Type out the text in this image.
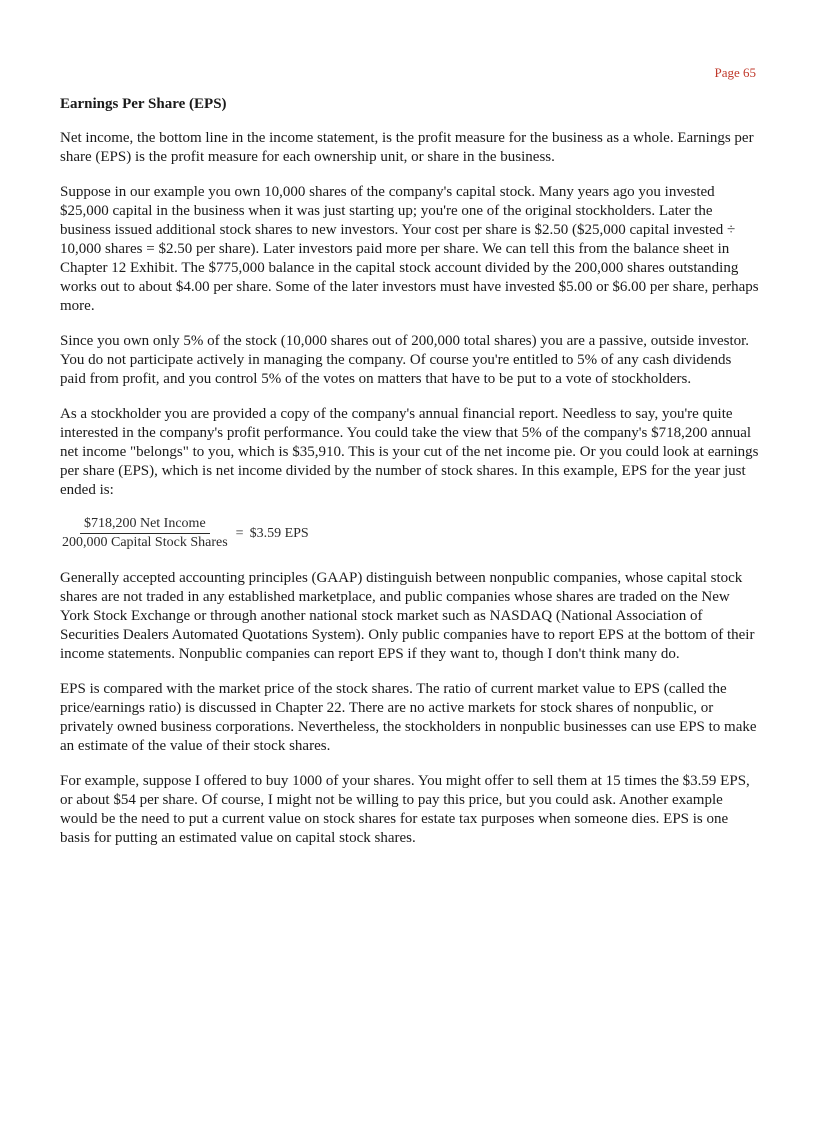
Page 65
Earnings Per Share (EPS)

Net income, the bottom line in the income statement, is the profit measure for the business as a whole. Earnings per share (EPS) is the profit measure for each ownership unit, or share in the business.

Suppose in our example you own 10,000 shares of the company's capital stock. Many years ago you invested $25,000 capital in the business when it was just starting up; you're one of the original stockholders. Later the business issued additional stock shares to new investors. Your cost per share is $2.50 ($25,000 capital invested ÷ 10,000 shares = $2.50 per share). Later investors paid more per share. We can tell this from the balance sheet in Chapter 12 Exhibit. The $775,000 balance in the capital stock account divided by the 200,000 shares outstanding works out to about $4.00 per share. Some of the later investors must have invested $5.00 or $6.00 per share, perhaps more.

Since you own only 5% of the stock (10,000 shares out of 200,000 total shares) you are a passive, outside investor. You do not participate actively in managing the company. Of course you're entitled to 5% of any cash dividends paid from profit, and you control 5% of the votes on matters that have to be put to a vote of stockholders.

As a stockholder you are provided a copy of the company's annual financial report. Needless to say, you're quite interested in the company's profit performance. You could take the view that 5% of the company's $718,200 annual net income "belongs" to you, which is $35,910. This is your cut of the net income pie. Or you could look at earnings per share (EPS), which is net income divided by the number of stock shares. In this example, EPS for the year just ended is:

$\frac{\text{\$718,200 Net Income}}{\text{200,000 Capital Stock Shares}}$ = $3.59 EPS

Generally accepted accounting principles (GAAP) distinguish between nonpublic companies, whose capital stock shares are not traded in any established marketplace, and public companies whose shares are traded on the New York Stock Exchange or through another national stock market such as NASDAQ (National Association of Securities Dealers Automated Quotations System). Only public companies have to report EPS at the bottom of their income statements. Nonpublic companies can report EPS if they want to, though I don't think many do.

EPS is compared with the market price of the stock shares. The ratio of current market value to EPS (called the price/earnings ratio) is discussed in Chapter 22. There are no active markets for stock shares of nonpublic, or privately owned business corporations. Nevertheless, the stockholders in nonpublic businesses can use EPS to make an estimate of the value of their stock shares.

For example, suppose I offered to buy 1000 of your shares. You might offer to sell them at 15 times the $3.59 EPS, or about $54 per share. Of course, I might not be willing to pay this price, but you could ask. Another example would be the need to put a current value on stock shares for estate tax purposes when someone dies. EPS is one basis for putting an estimated value on capital stock shares.
